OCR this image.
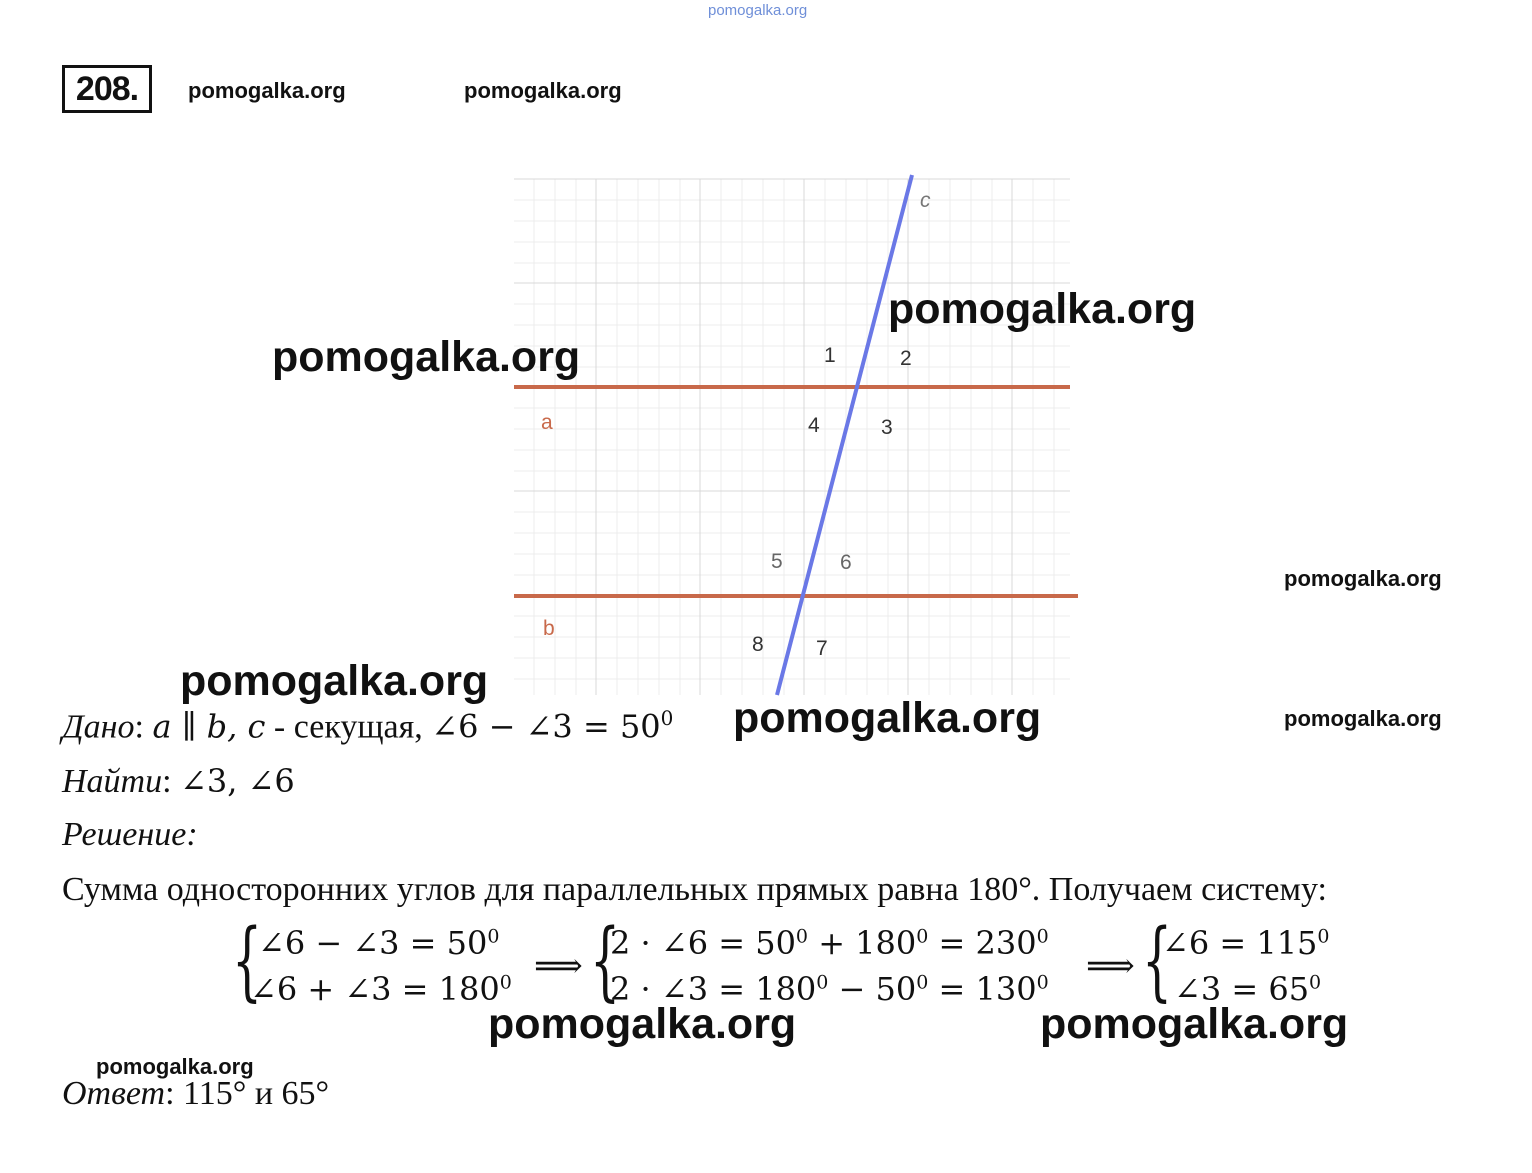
pomogalka.org
208.	pomogalka.org	pomogalka.org
c
a
b
1	2
3
4
5	6
7
8
pomogalka.org
pomogalka.org
pomogalka.org
pomogalka.org
Дано: a ∥ b, c - секущая, ∠6 − ∠3 = $50^0$ pomogalka.org	pomogalka.org
Найти: ∠3, ∠6
Решение:
Сумма односторонних углов для параллельных прямых равна 180°. Получаем систему:
{
∠6 − ∠3 = $50^0$
∠6 + ∠3 = $180^0$ ⟹ {
2 · ∠6 = $50^0 + 180^0 = 230^0$
2 · ∠3 = $180^0 - 50^0 = 130^0$ ⟹ {
∠6 = $115^0$
∠3 = $65^0$
pomogalka.org	pomogalka.org
pomogalka.org
Ответ: 115° и 65°
